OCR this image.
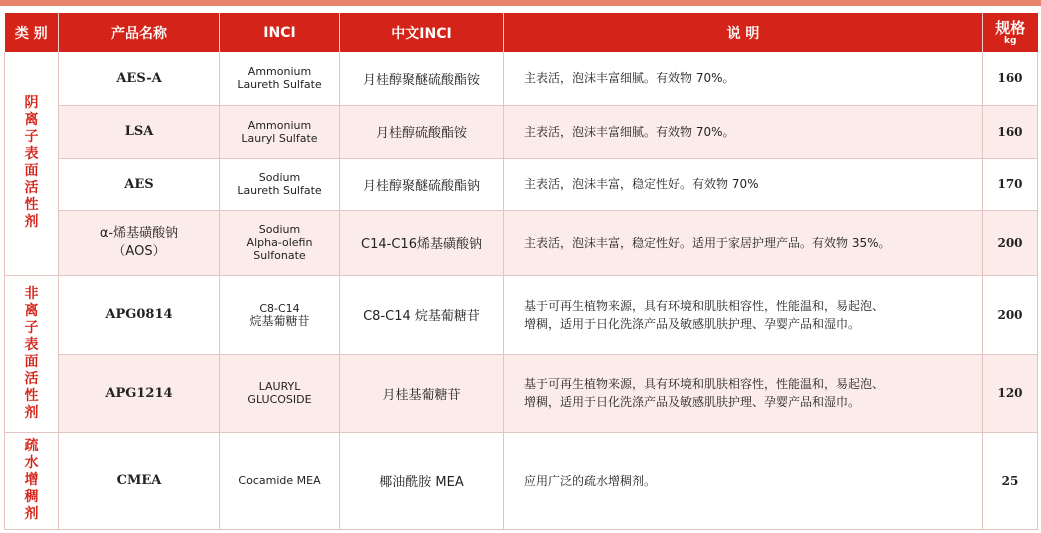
类 别	产品名称	INCI	中文INCI	说 明	规格
kg

阴离子表面活性剂	AES-A	Ammonium
Laureth Sulfate	月桂醇聚醚硫酸酯铵	主表活，泡沫丰富细腻。有效物 70%。	160
	LSA	Ammonium
Lauryl Sulfate	月桂醇硫酸酯铵	主表活，泡沫丰富细腻。有效物 70%。	160
	AES	Sodium
Laureth Sulfate	月桂醇聚醚硫酸酯钠	主表活，泡沫丰富，稳定性好。有效物 70%	170

	α-烯基磺酸钠
（AOS）	Sodium
Alpha-olefin
Sulfonate	C14-C16烯基磺酸钠	主表活，泡沫丰富，稳定性好。适用于家居护理产品。有效物 35%。	200
非离子表面活性剂	APG0814	C8-C14
烷基葡糖苷	C8-C14 烷基葡糖苷	基于可再生植物来源，具有环境和肌肤相容性，性能温和，易起泡、
增稠，适用于日化洗涤产品及敏感肌肤护理、孕婴产品和湿巾。	200
	APG1214	LAURYL
GLUCOSIDE	月桂基葡糖苷	基于可再生植物来源，具有环境和肌肤相容性，性能温和，易起泡、
增稠，适用于日化洗涤产品及敏感肌肤护理、孕婴产品和湿巾。	120
疏水增稠剂	CMEA	Cocamide MEA	椰油酰胺 MEA	应用广泛的疏水增稠剂。	25
